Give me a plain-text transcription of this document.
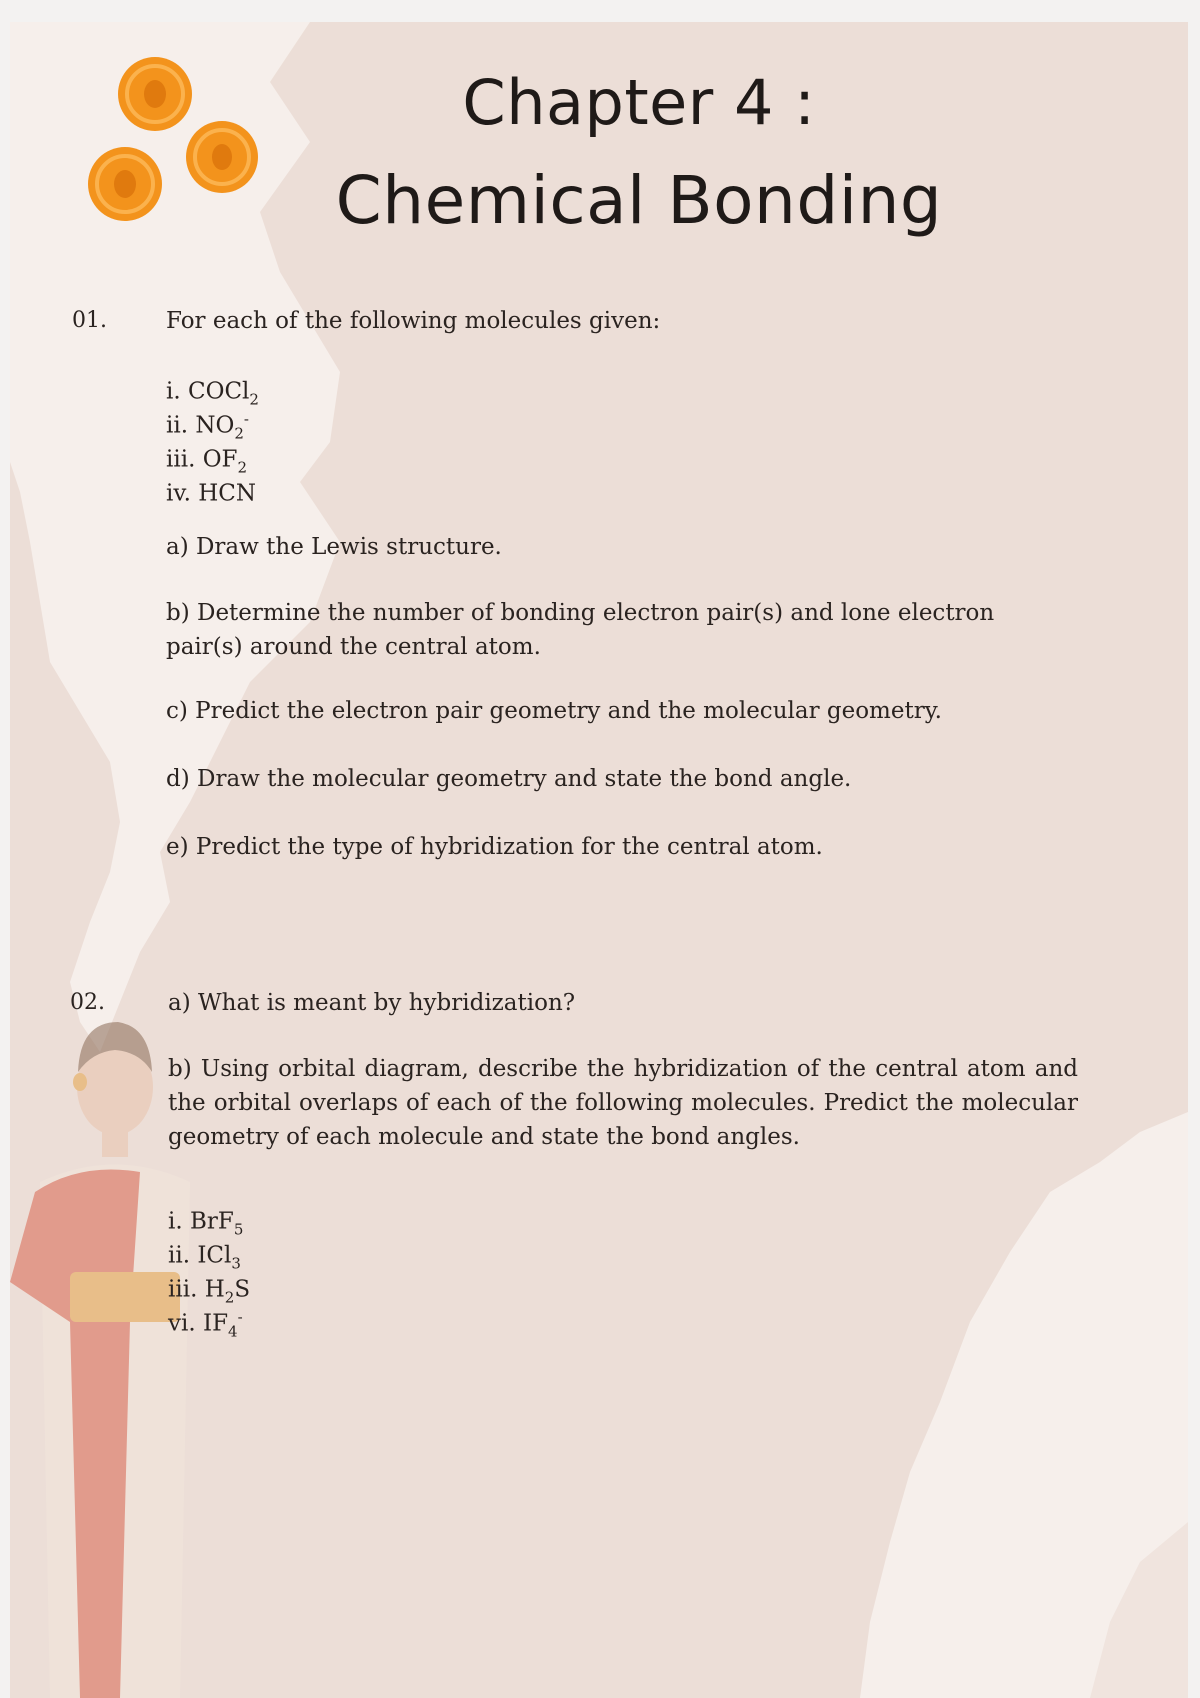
Chapter 4 :
Chemical Bonding
01.	For each of the following molecules given:
i. COCl$_2$
ii. $NO_2^-$
iii. $OF_2$
iv. HCN
a) Draw the Lewis structure.
b) Determine the number of bonding electron pair(s) and lone electron pair(s) around the central atom.
c) Predict the electron pair geometry and the molecular geometry.
d) Draw the molecular geometry and state the bond angle.
e) Predict the type of hybridization for the central atom.
02.	a) What is meant by hybridization?
b) Using orbital diagram, describe the hybridization of the central atom and the orbital overlaps of each of the following molecules. Predict the molecular geometry of each molecule and state the bond angles.
i. BrF$_5$
ii. ICl$_3$
iii. $H_2S$
vi. $IF_4^-$
